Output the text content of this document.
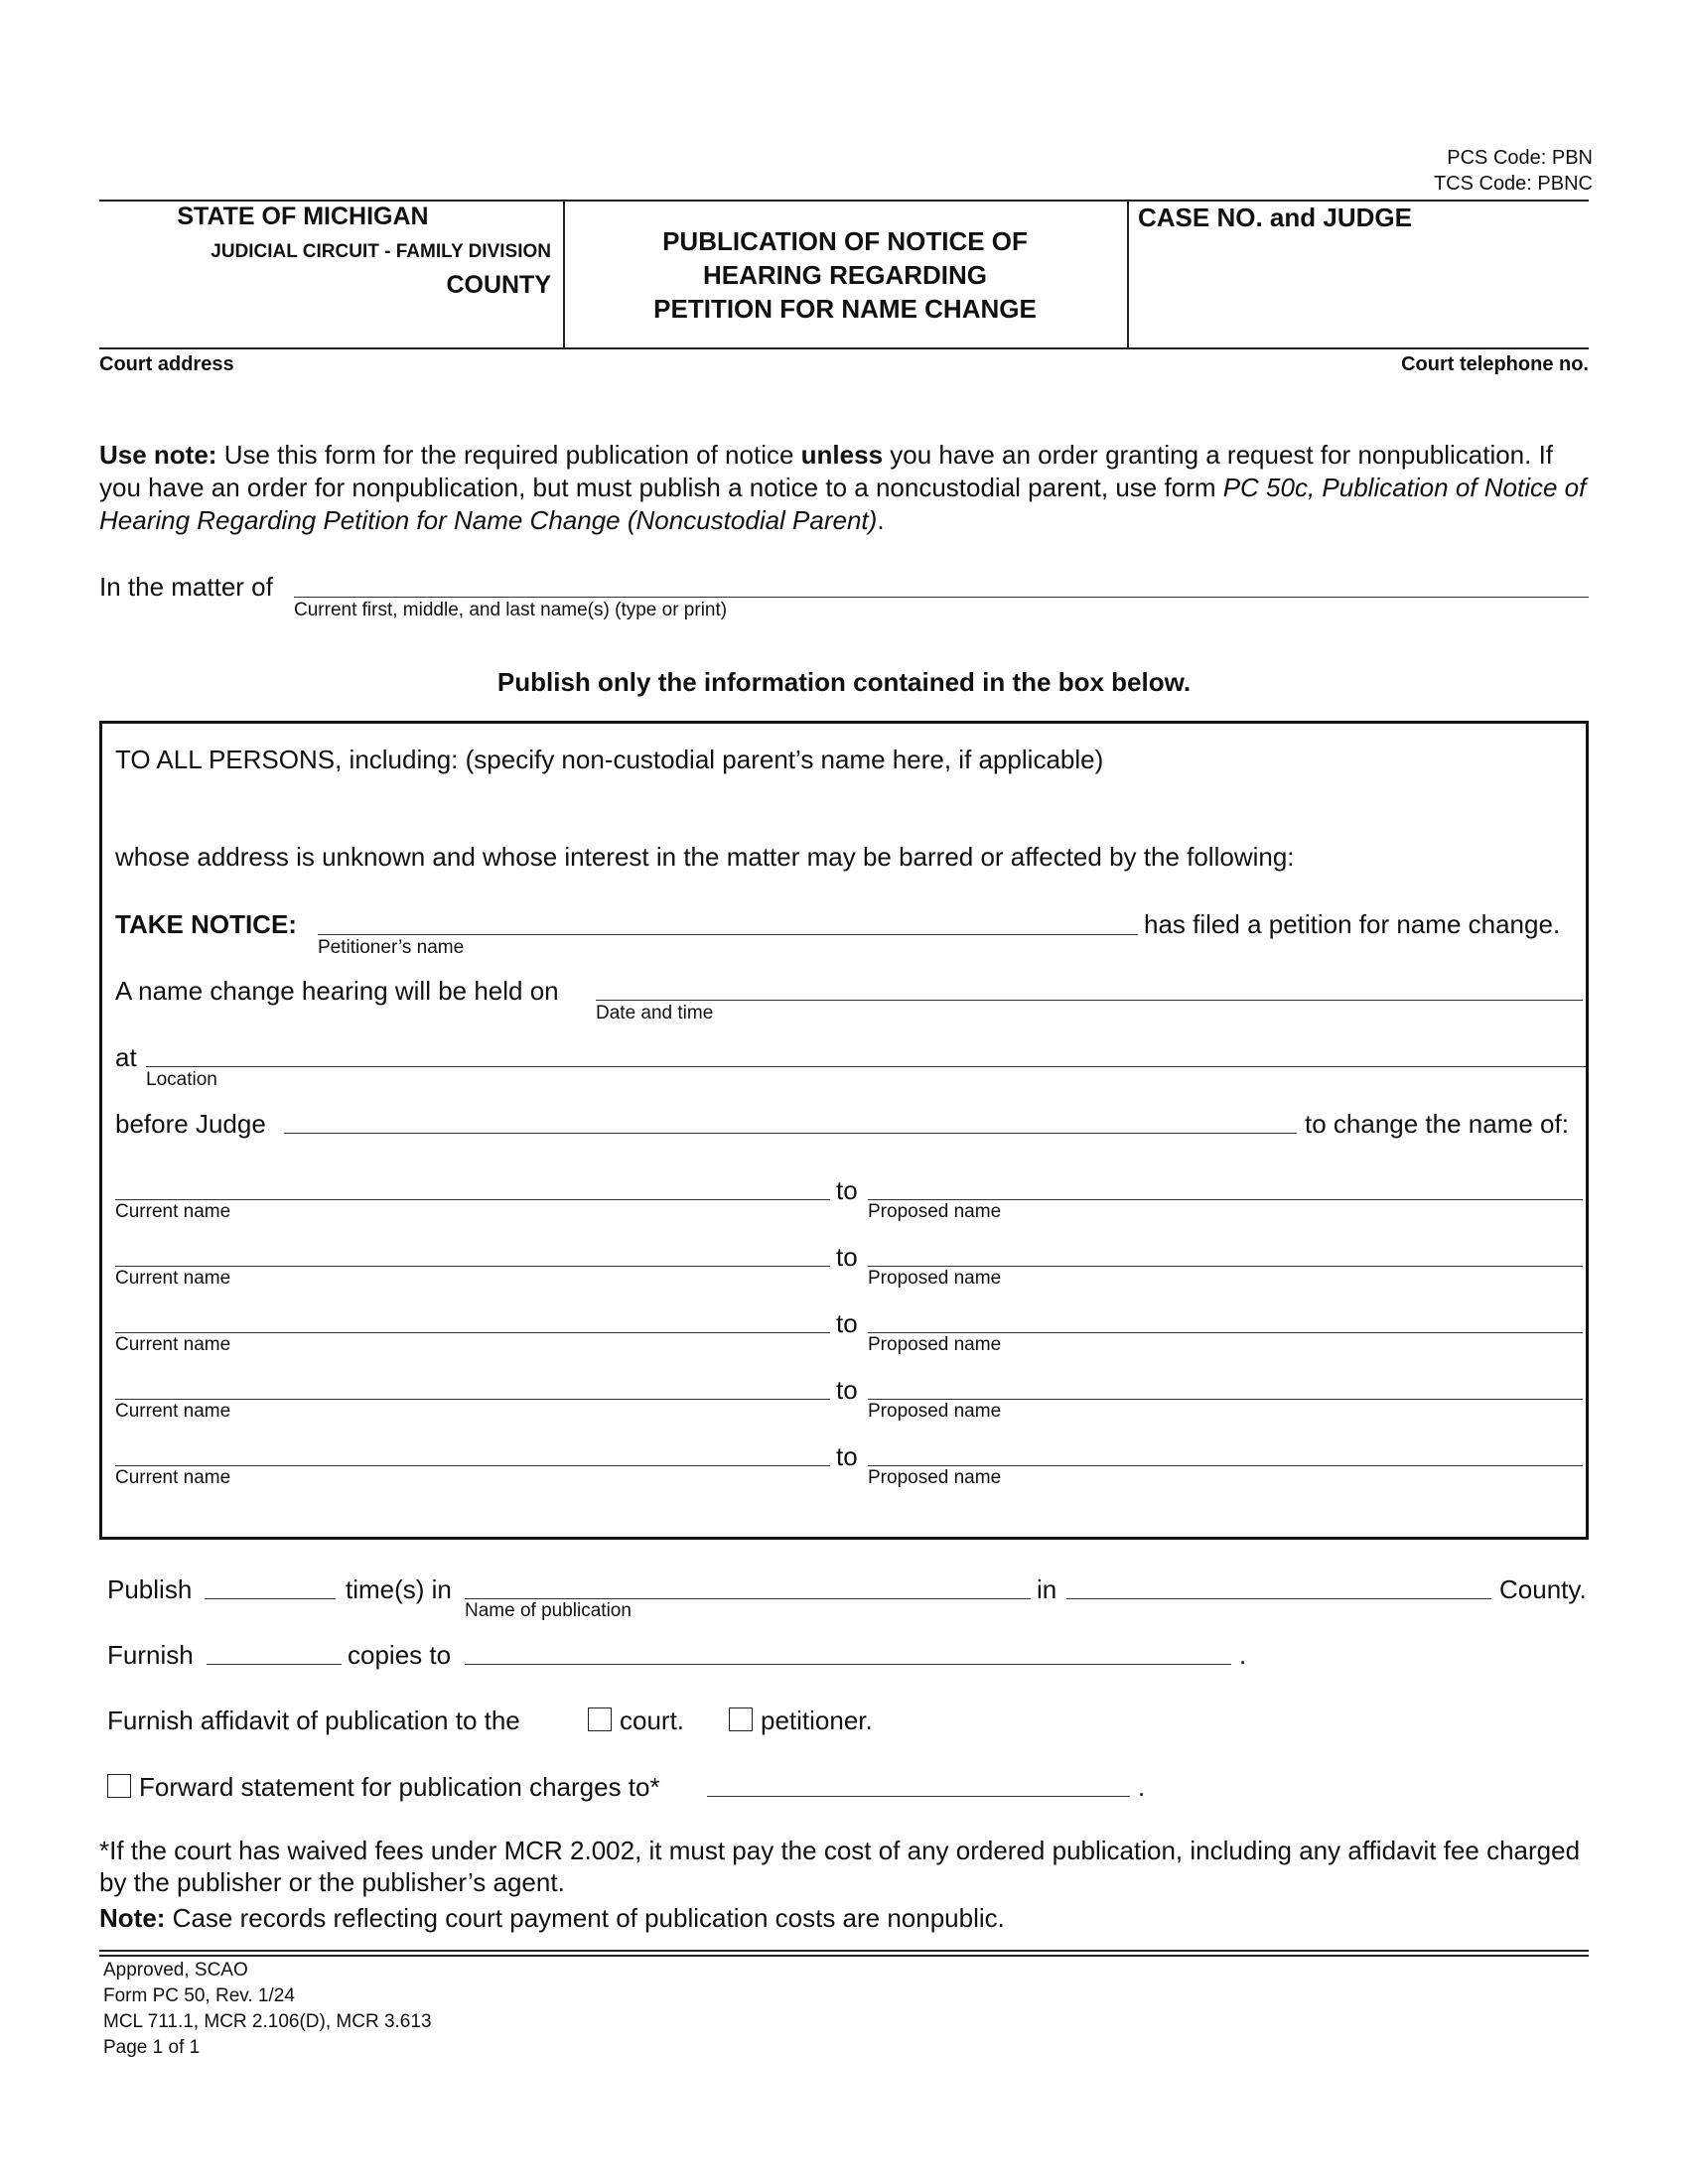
PCS Code: PBN
TCS Code: PBNC
STATE OF MICHIGAN
JUDICIAL CIRCUIT - FAMILY DIVISION
COUNTY
PUBLICATION OF NOTICE OF
HEARING REGARDING
PETITION FOR NAME CHANGE
CASE NO. and JUDGE
Court address	Court telephone no.
Use note: Use this form for the required publication of notice unless you have an order granting a request for nonpublication. If you have an order for nonpublication, but must publish a notice to a noncustodial parent, use form PC 50c, Publication of Notice of Hearing Regarding Petition for Name Change (Noncustodial Parent).
In the matter of
Current first, middle, and last name(s) (type or print)
Publish only the information contained in the box below.
TO ALL PERSONS, including: (specify non-custodial parent’s name here, if applicable)
whose address is unknown and whose interest in the matter may be barred or affected by the following:
TAKE NOTICE:
Petitioner’s name
has filed a petition for name change.
A name change hearing will be held on
Date and time
at
Location
before Judge	to change the name of:
Current name
to
Proposed name
Current name
to
Proposed name
Current name
to
Proposed name
Current name
to
Proposed name
Current name
to
Proposed name
Publish	time(s) in
Name of publication
in	County.
Furnish	copies to	.
Furnish affidavit of publication to the	court.	petitioner.
Forward statement for publication charges to*	.
*If the court has waived fees under MCR 2.002, it must pay the cost of any ordered publication, including any affidavit fee charged by the publisher or the publisher’s agent.
Note: Case records reflecting court payment of publication costs are nonpublic.
Approved, SCAO
Form PC 50, Rev. 1/24
MCL 711.1, MCR 2.106(D), MCR 3.613
Page 1 of 1
